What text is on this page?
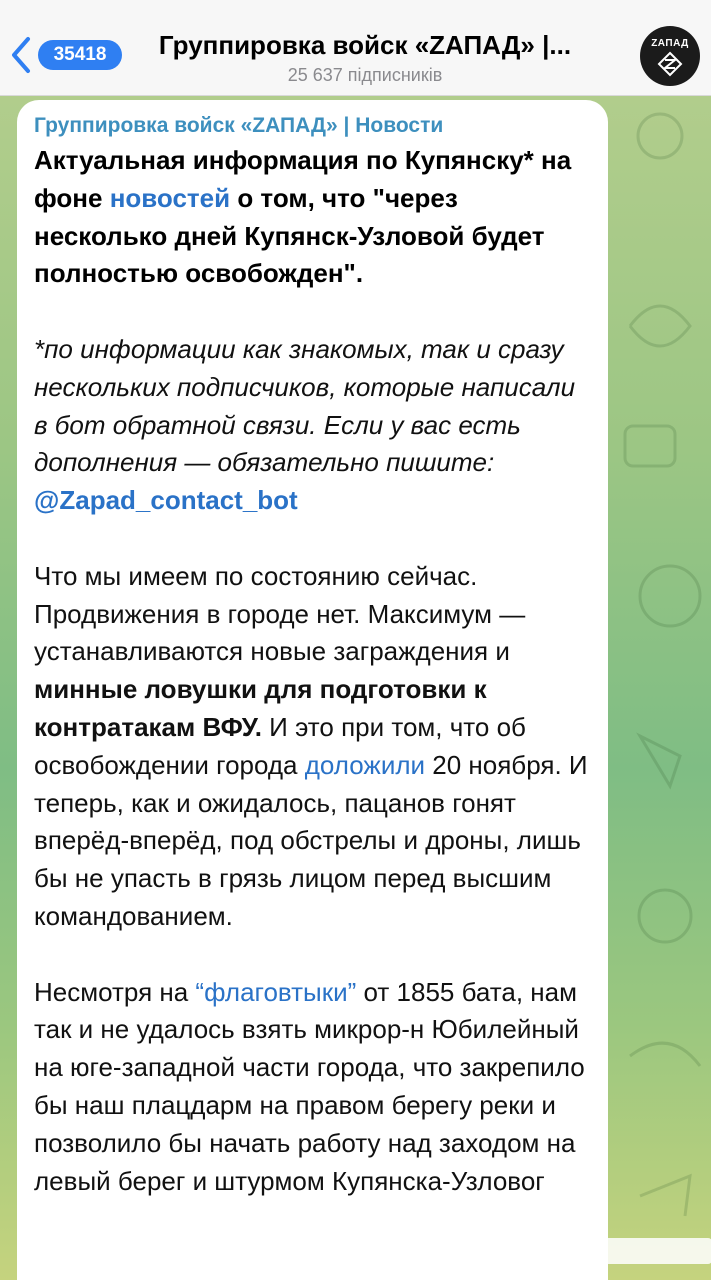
35418	Группировка войск «ZАПАД» |...
25 637 підписників
ZАПАД
Группировка войск «ZАПАД» | Новости
Актуальная информация по Купянску* на фоне новостей о том, что "через несколько дней Купянск-Узловой будет полностью освобожден".
*по информации как знакомых, так и сразу нескольких подписчиков, которые написали в бот обратной связи. Если у вас есть дополнения — обязательно пишите: @Zapad_contact_bot
Что мы имеем по состоянию сейчас. Продвижения в городе нет. Максимум — устанавливаются новые заграждения и минные ловушки для подготовки к контратакам ВФУ. И это при том, что об освобождении города доложили 20 ноября. И теперь, как и ожидалось, пацанов гонят вперёд-вперёд, под обстрелы и дроны, лишь бы не упасть в грязь лицом перед высшим командованием.
Несмотря на “флаговтыки” от 1855 бата, нам так и не удалось взять микрор-н Юбилейный на юге-западной части города, что закрепило бы наш плацдарм на правом берегу реки и позволило бы начать работу над заходом на левый берег и штурмом Купянска-Узловог
